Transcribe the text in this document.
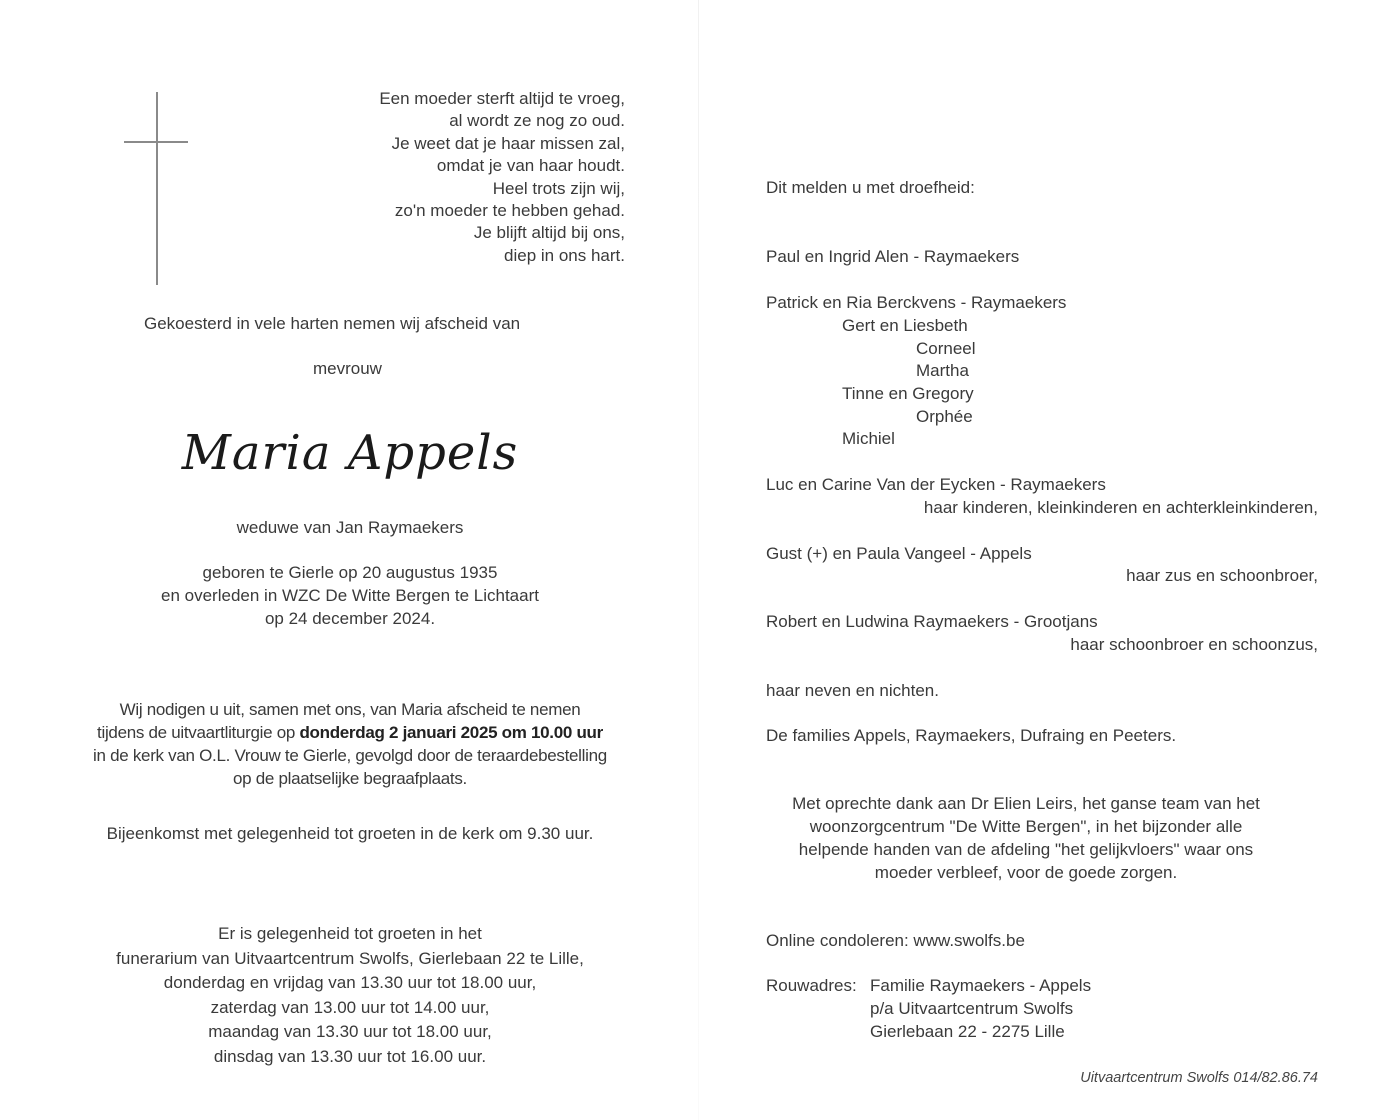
Een moeder sterft altijd te vroeg,
al wordt ze nog zo oud.
Je weet dat je haar missen zal,
omdat je van haar houdt.
Heel trots zijn wij,
zo'n moeder te hebben gehad.
Je blijft altijd bij ons,
diep in ons hart.
Gekoesterd in vele harten nemen wij afscheid van
mevrouw
Maria Appels
weduwe van Jan Raymaekers
geboren te Gierle op 20 augustus 1935
en overleden in WZC De Witte Bergen te Lichtaart
op 24 december 2024.
Wij nodigen u uit, samen met ons, van Maria afscheid te nemen
tijdens de uitvaartliturgie op donderdag 2 januari 2025 om 10.00 uur
in de kerk van O.L. Vrouw te Gierle, gevolgd door de teraardebestelling
op de plaatselijke begraafplaats.
Bijeenkomst met gelegenheid tot groeten in de kerk om 9.30 uur.
Er is gelegenheid tot groeten in het
funerarium van Uitvaartcentrum Swolfs, Gierlebaan 22 te Lille,
donderdag en vrijdag van 13.30 uur tot 18.00 uur,
zaterdag van 13.00 uur tot 14.00 uur,
maandag van 13.30 uur tot 18.00 uur,
dinsdag van 13.30 uur tot 16.00 uur.
Dit melden u met droefheid:
Paul en Ingrid Alen - Raymaekers
Patrick en Ria Berckvens - Raymaekers
Gert en Liesbeth
Corneel
Martha
Tinne en Gregory
Orphée
Michiel
Luc en Carine Van der Eycken - Raymaekers
haar kinderen, kleinkinderen en achterkleinkinderen,
Gust (+) en Paula Vangeel - Appels
haar zus en schoonbroer,
Robert en Ludwina Raymaekers - Grootjans
haar schoonbroer en schoonzus,
haar neven en nichten.
De families Appels, Raymaekers, Dufraing en Peeters.
Met oprechte dank aan Dr Elien Leirs, het ganse team van het
woonzorgcentrum "De Witte Bergen", in het bijzonder alle
helpende handen van de afdeling "het gelijkvloers" waar ons
moeder verbleef, voor de goede zorgen.
Online condoleren: www.swolfs.be
Rouwadres: Familie Raymaekers - Appels
p/a Uitvaartcentrum Swolfs
Gierlebaan 22 - 2275 Lille
Uitvaartcentrum Swolfs 014/82.86.74
